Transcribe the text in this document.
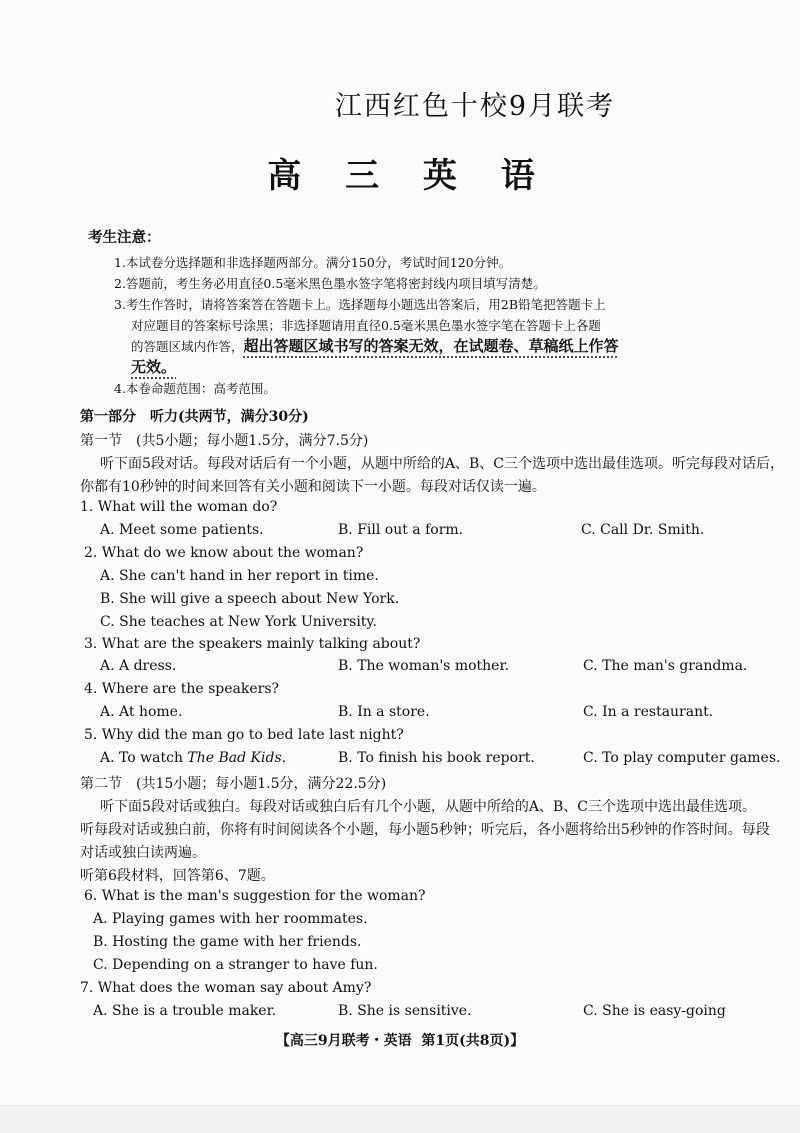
江西红色十校9月联考
高 三 英 语
考生注意：
1.本试卷分选择题和非选择题两部分。满分150分，考试时间120分钟。
2.答题前，考生务必用直径0.5毫米黑色墨水签字笔将密封线内项目填写清楚。
3.考生作答时，请将答案答在答题卡上。选择题每小题选出答案后，用2B铅笔把答题卡上
对应题目的答案标号涂黑；非选择题请用直径0.5毫米黑色墨水签字笔在答题卡上各题
的答题区域内作答，超出答题区域书写的答案无效，在试题卷、草稿纸上作答
无效。
4.本卷命题范围：高考范围。
第一部分　听力(共两节，满分30分)
第一节　(共5小题；每小题1.5分，满分7.5分)
听下面5段对话。每段对话后有一个小题，从题中所给的A、B、C三个选项中选出最佳选项。听完每段对话后，
你都有10秒钟的时间来回答有关小题和阅读下一小题。每段对话仅读一遍。
1. What will the woman do?
A. Meet some patients.	B. Fill out a form.	C. Call Dr. Smith.
2. What do we know about the woman?
A. She can't hand in her report in time.
B. She will give a speech about New York.
C. She teaches at New York University.
3. What are the speakers mainly talking about?
A. A dress.	B. The woman's mother.	C. The man's grandma.
4. Where are the speakers?
A. At home.	B. In a store.	C. In a restaurant.
5. Why did the man go to bed late last night?
A. To watch The Bad Kids.	B. To finish his book report.	C. To play computer games.
第二节　(共15小题；每小题1.5分，满分22.5分)
听下面5段对话或独白。每段对话或独白后有几个小题，从题中所给的A、B、C三个选项中选出最佳选项。
听每段对话或独白前，你将有时间阅读各个小题，每小题5秒钟；听完后，各小题将给出5秒钟的作答时间。每段
对话或独白读两遍。
听第6段材料，回答第6、7题。
6. What is the man's suggestion for the woman?
A. Playing games with her roommates.
B. Hosting the game with her friends.
C. Depending on a stranger to have fun.
7. What does the woman say about Amy?
A. She is a trouble maker.	B. She is sensitive.	C. She is easy-going
【高三9月联考・英语 第1页(共8页)】
